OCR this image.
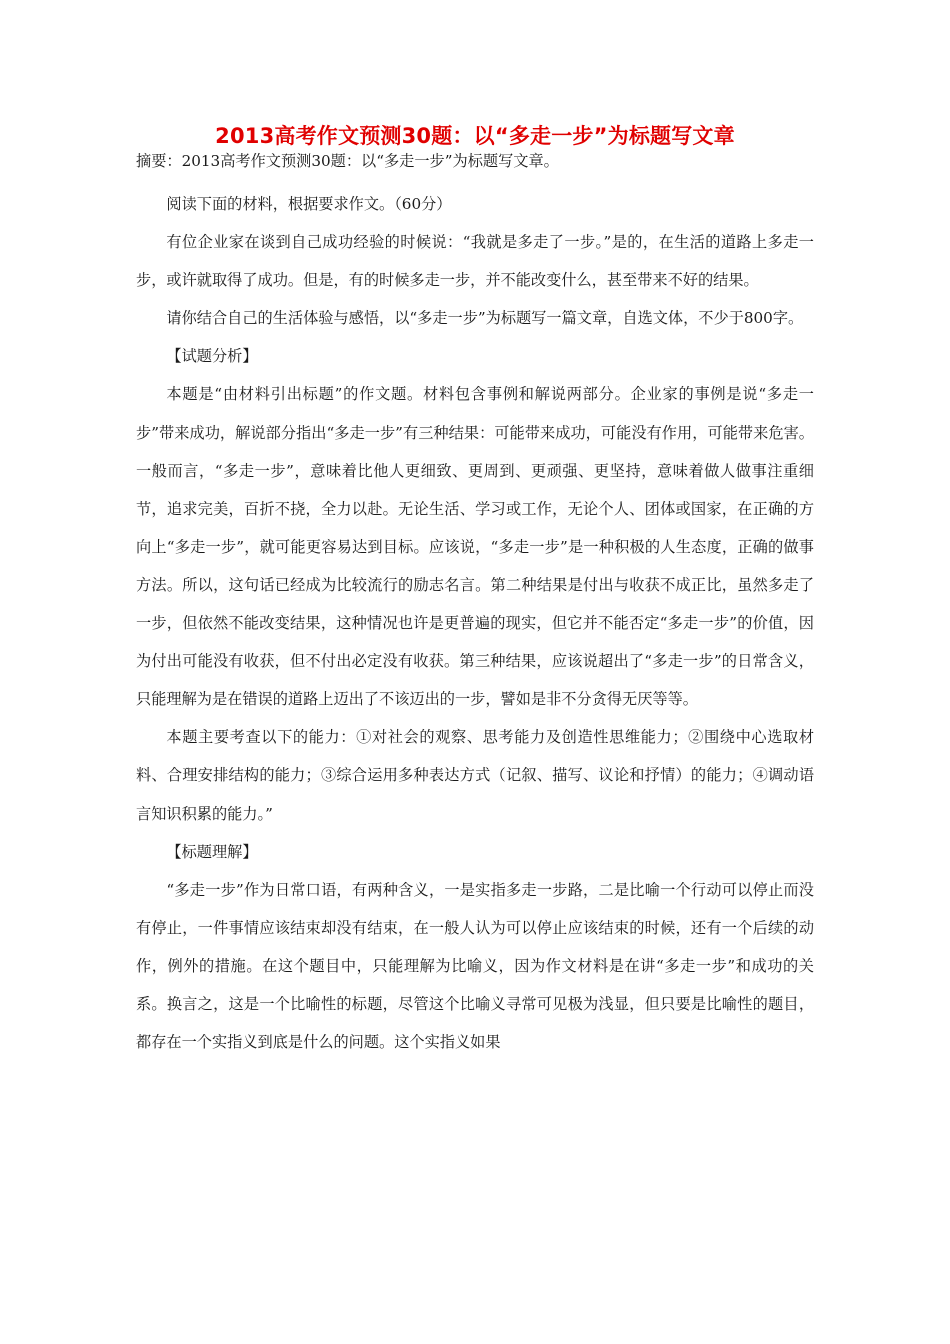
2013高考作文预测30题：以“多走一步”为标题写文章

摘要：2013高考作文预测30题：以“多走一步”为标题写文章。

阅读下面的材料，根据要求作文。（60分）

有位企业家在谈到自己成功经验的时候说：“我就是多走了一步。”是的，在生活的道路上多走一步，或许就取得了成功。但是，有的时候多走一步，并不能改变什么，甚至带来不好的结果。

请你结合自己的生活体验与感悟，以“多走一步”为标题写一篇文章，自选文体，不少于800字。

【试题分析】

本题是“由材料引出标题”的作文题。材料包含事例和解说两部分。企业家的事例是说“多走一步”带来成功，解说部分指出“多走一步”有三种结果：可能带来成功，可能没有作用，可能带来危害。一般而言，“多走一步”，意味着比他人更细致、更周到、更顽强、更坚持，意味着做人做事注重细节，追求完美，百折不挠，全力以赴。无论生活、学习或工作，无论个人、团体或国家，在正确的方向上“多走一步”，就可能更容易达到目标。应该说，“多走一步”是一种积极的人生态度，正确的做事方法。所以，这句话已经成为比较流行的励志名言。第二种结果是付出与收获不成正比，虽然多走了一步，但依然不能改变结果，这种情况也许是更普遍的现实，但它并不能否定“多走一步”的价值，因为付出可能没有收获，但不付出必定没有收获。第三种结果，应该说超出了“多走一步”的日常含义，只能理解为是在错误的道路上迈出了不该迈出的一步，譬如是非不分贪得无厌等等。

本题主要考查以下的能力：①对社会的观察、思考能力及创造性思维能力；②围绕中心选取材料、合理安排结构的能力；③综合运用多种表达方式（记叙、描写、议论和抒情）的能力；④调动语言知识积累的能力。”

【标题理解】

“多走一步”作为日常口语，有两种含义，一是实指多走一步路，二是比喻一个行动可以停止而没有停止，一件事情应该结束却没有结束，在一般人认为可以停止应该结束的时候，还有一个后续的动作，例外的措施。在这个题目中，只能理解为比喻义，因为作文材料是在讲“多走一步”和成功的关系。换言之，这是一个比喻性的标题，尽管这个比喻义寻常可见极为浅显，但只要是比喻性的题目，都存在一个实指义到底是什么的问题。这个实指义如果
